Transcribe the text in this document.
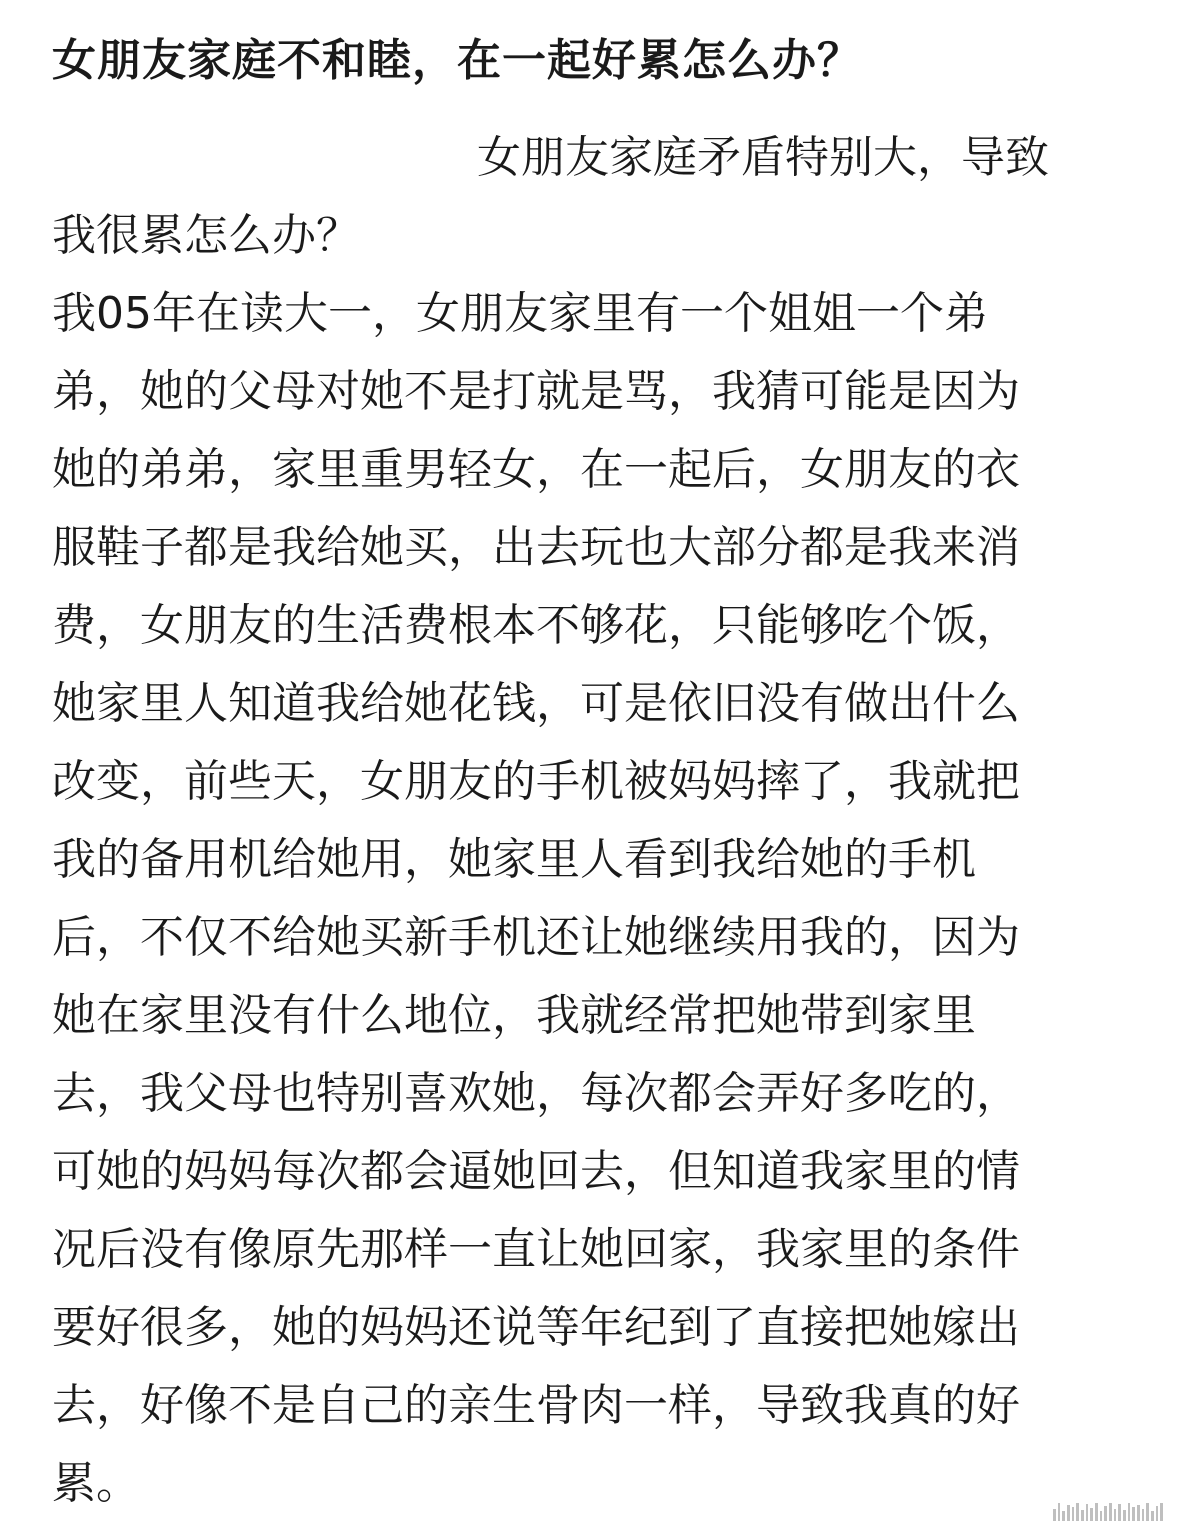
女朋友家庭不和睦，在一起好累怎么办？
女朋友家庭矛盾特别大，导致
我很累怎么办？
我05年在读大一，女朋友家里有一个姐姐一个弟
弟，她的父母对她不是打就是骂，我猜可能是因为
她的弟弟，家里重男轻女，在一起后，女朋友的衣
服鞋子都是我给她买，出去玩也大部分都是我来消
费，女朋友的生活费根本不够花，只能够吃个饭，
她家里人知道我给她花钱，可是依旧没有做出什么
改变，前些天，女朋友的手机被妈妈摔了，我就把
我的备用机给她用，她家里人看到我给她的手机
后，不仅不给她买新手机还让她继续用我的，因为
她在家里没有什么地位，我就经常把她带到家里
去，我父母也特别喜欢她，每次都会弄好多吃的，
可她的妈妈每次都会逼她回去，但知道我家里的情
况后没有像原先那样一直让她回家，我家里的条件
要好很多，她的妈妈还说等年纪到了直接把她嫁出
去，好像不是自己的亲生骨肉一样，导致我真的好
累。
